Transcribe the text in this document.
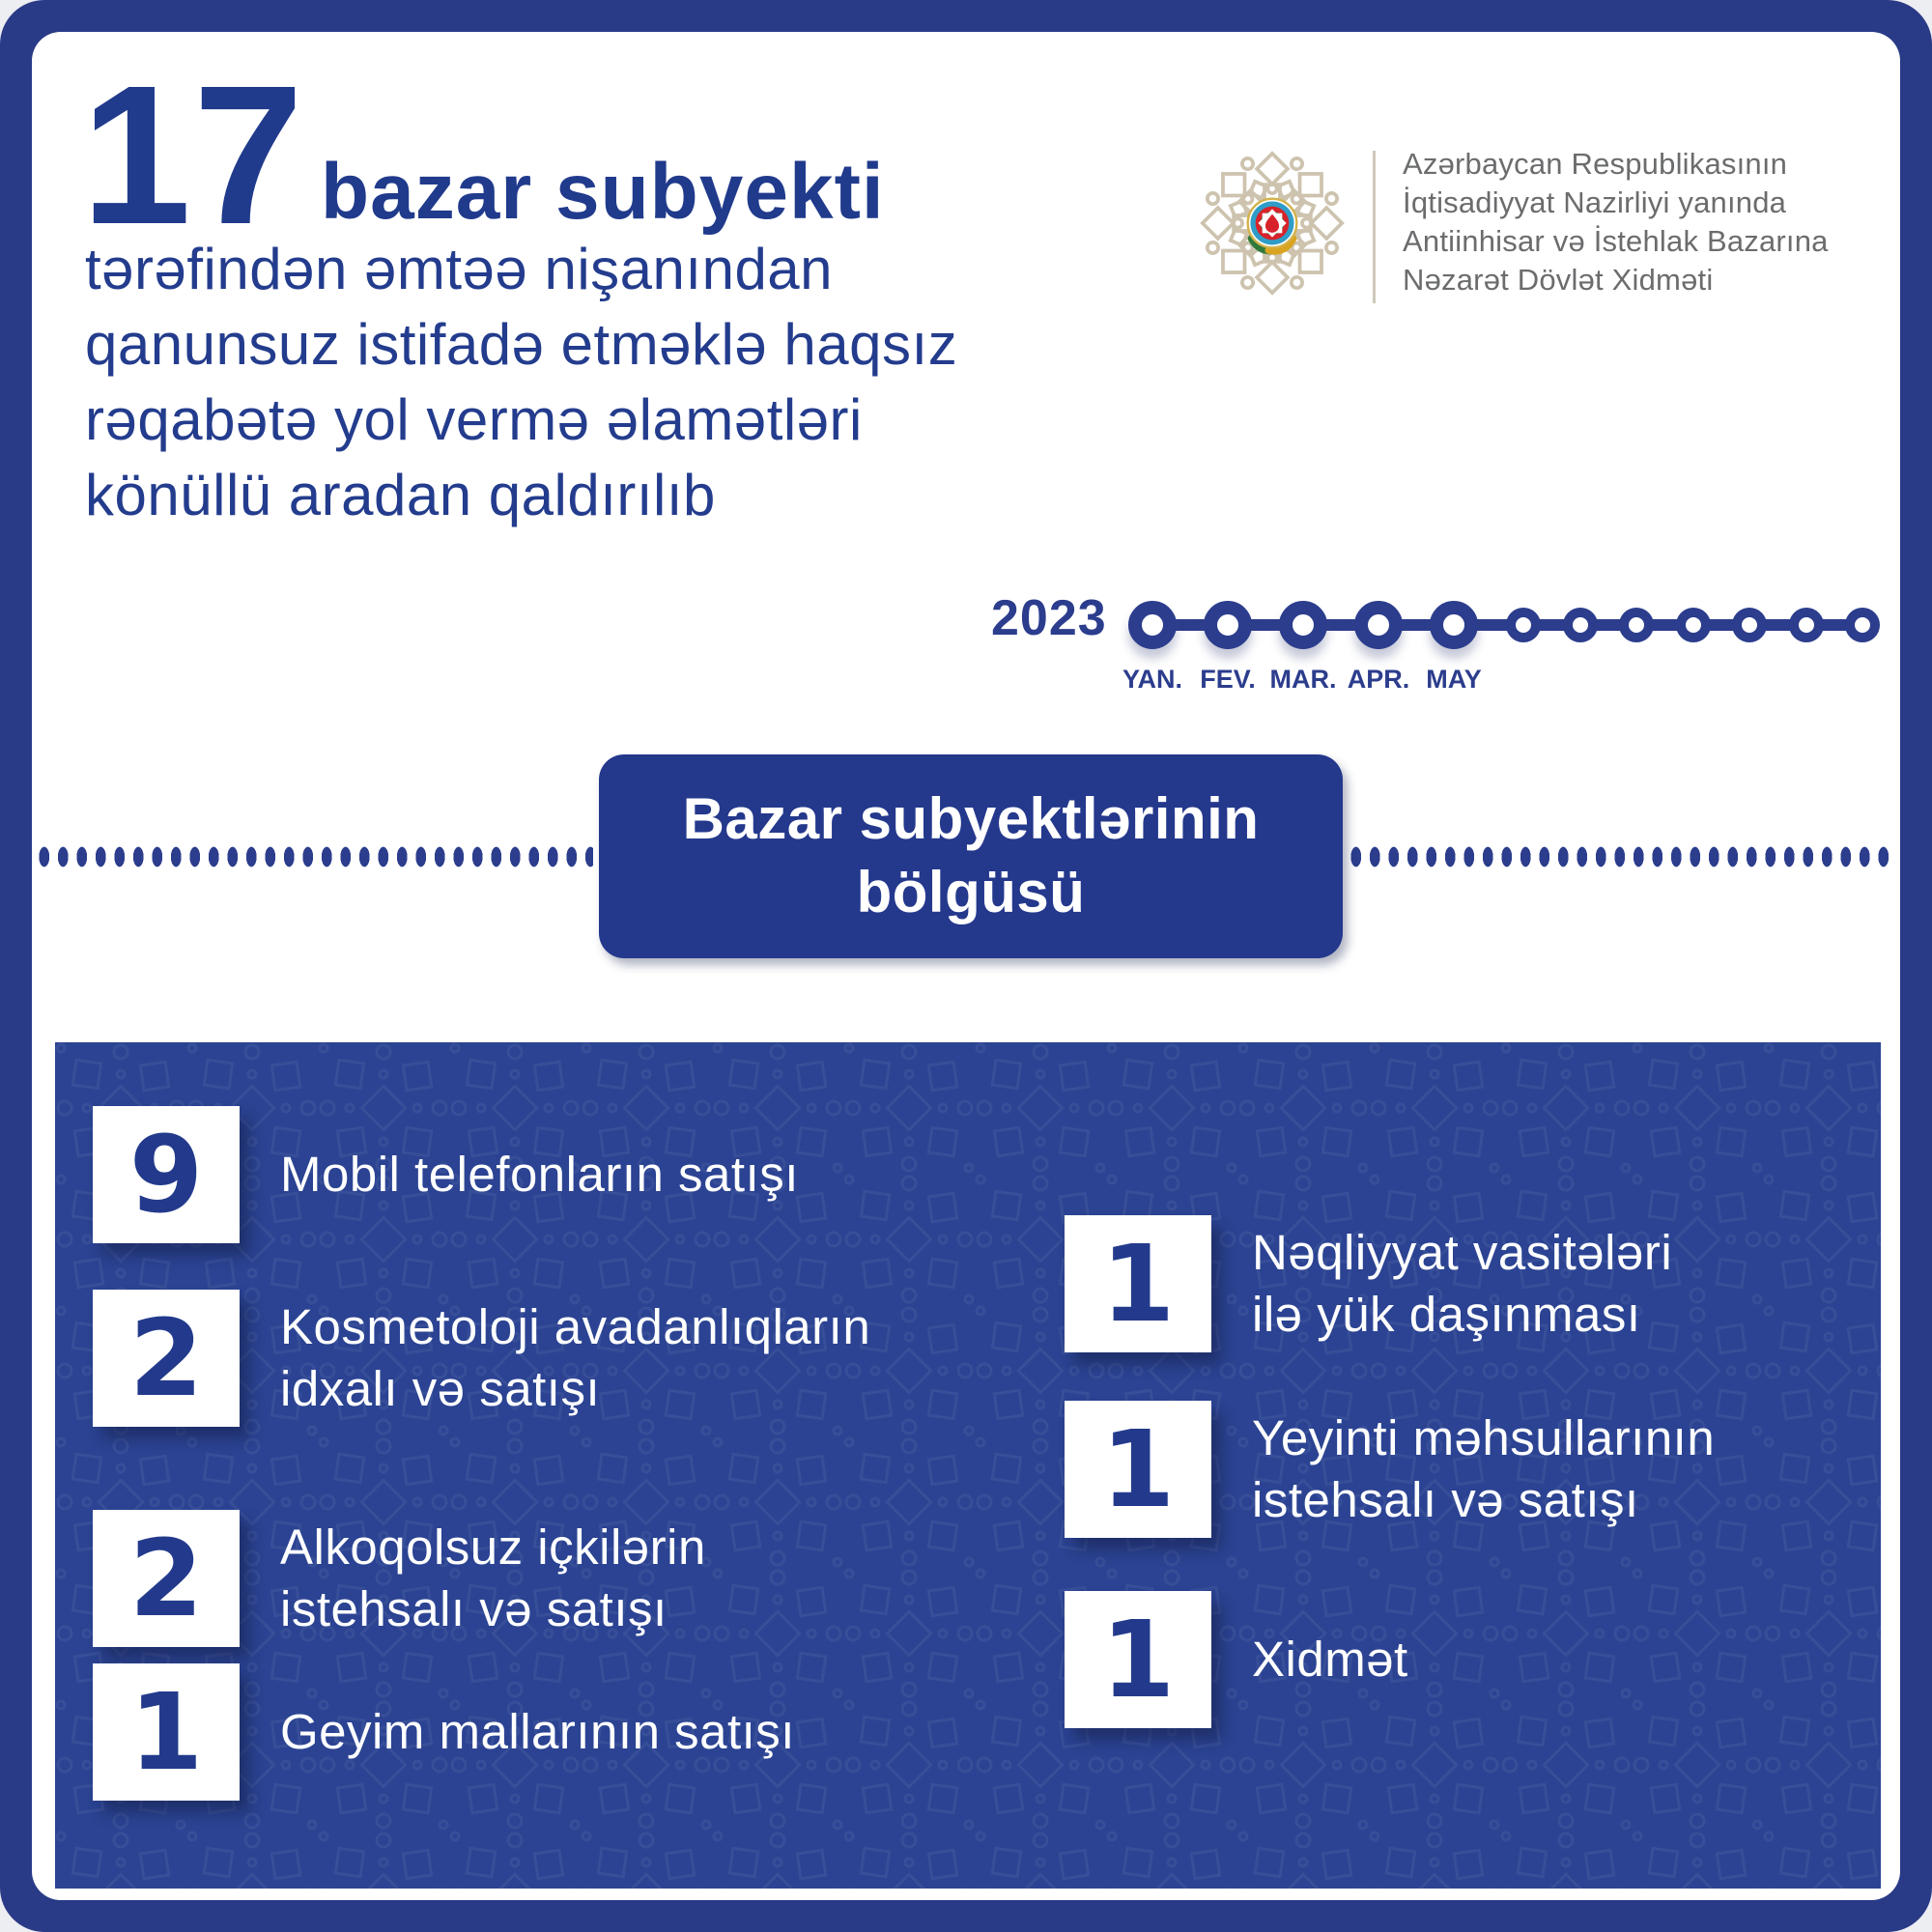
17 bazar subyekti
tərəfindən əmtəə nişanından
qanunsuz istifadə etməklə haqsız
rəqabətə yol vermə əlamətləri
könüllü aradan qaldırılıb
Azərbaycan Respublikasının
İqtisadiyyat Nazirliyi yanında
Antiinhisar və İstehlak Bazarına
Nəzarət Dövlət Xidməti
2023
YAN. FEV. MAR. APR. MAY
Bazar subyektlərinin
bölgüsü
9 Mobil telefonların satışı
2 Kosmetoloji avadanlıqların
idxalı və satışı
2 Alkoqolsuz içkilərin
istehsalı və satışı
1 Geyim mallarının satışı
1 Nəqliyyat vasitələri
ilə yük daşınması
1 Yeyinti məhsullarının
istehsalı və satışı
1 Xidmət
